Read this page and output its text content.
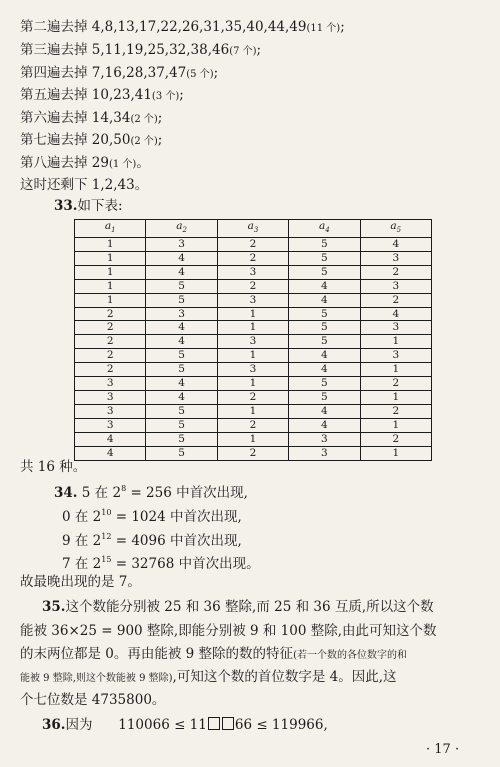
第二遍去掉 4,8,13,17,22,26,31,35,40,44,49(11 个);
第三遍去掉 5,11,19,25,32,38,46(7 个);
第四遍去掉 7,16,28,37,47(5 个);
第五遍去掉 10,23,41(3 个);
第六遍去掉 14,34(2 个);
第七遍去掉 20,50(2 个);
第八遍去掉 29(1 个)。
这时还剩下 1,2,43。
33.如下表:
$a_1$	$a_2$	$a_3$	$a_4$	$a_5$
1	3	2	5	4
1	4	2	5	3
1	4	3	5	2
1	5	2	4	3
1	5	3	4	2
2	3	1	5	4
2	4	1	5	3
2	4	3	5	1
2	5	1	4	3
2	5	3	4	1
3	4	1	5	2
3	4	2	5	1
3	5	1	4	2
3	5	2	4	1
4	5	1	3	2
4	5	2	3	1
共 16 种。
34. 5 在 $2^8 = 256$ 中首次出现,
0 在 $2^{10} = 1024$ 中首次出现,
9 在 $2^{12} = 4096$ 中首次出现,
7 在 $2^{15} = 32768$ 中首次出现。
故最晚出现的是 7。
35.这个数能分别被 25 和 36 整除,而 25 和 36 互质,所以这个数
能被 36×25 = 900 整除,即能分别被 9 和 100 整除,由此可知这个数
的末两位都是 0。再由能被 9 整除的数的特征(若一个数的各位数字的和
能被 9 整除,则这个数能被 9 整除),可知这个数的首位数字是 4。因此,这
个七位数是 4735800。
36.因为 110066 ≤ 11 66 ≤ 119966,
· 17 ·
